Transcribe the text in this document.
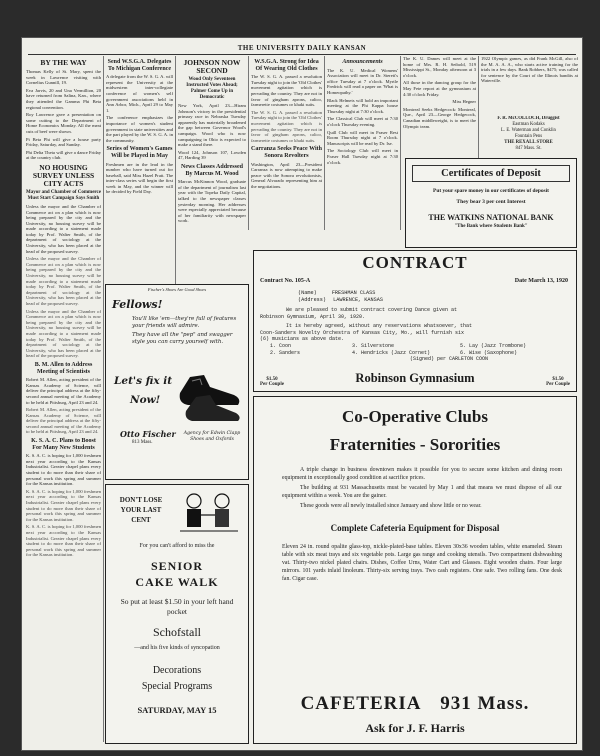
THE UNIVERSITY DAILY KANSAN
BY THE WAY

Thomas Kelly of St. Mary, spent the week in Lawrence visiting with Cornelius Gunnill, 19.

Eva Jarvis, 20 and Una Vermillion, 20 have returned from Salina, Kan., where they attended the Gamma Phi Beta regional convention.

Roy Lawrence gave a presentation on some cutting to the Department of Home Economics Monday. All the meat cuts of beef were shown.

Pi Beta Phi will give a house party Friday, Saturday, and Sunday.

Phi Delta Theta will give a dance Friday at the country club.

NO HOUSING SURVEY UNLESS CITY ACTS
Mayor and Chamber of Commerce Must Start Campaign Says Smith

Unless the mayor and the Chamber of Commerce act on a plan which is now being prepared by the city and the University, no housing survey will be made according to a statement made today by Prof. Walter Smith, of the department of sociology at the University, who has been placed at the head of the proposed survey.

Unless the mayor and the Chamber of Commerce act on a plan which is now being prepared by the city and the University, no housing survey will be made according to a statement made today by Prof. Walter Smith, of the department of sociology at the University, who has been placed at the head of the proposed survey.

Unless the mayor and the Chamber of Commerce act on a plan which is now being prepared by the city and the University, no housing survey will be made according to a statement made today by Prof. Walter Smith, of the department of sociology at the University, who has been placed at the head of the proposed survey.

B. M. Allen to Address Meeting of Scientists

Robert M. Allen, acting president of the Kansas Academy of Science, will deliver the principal address at the fifty-second annual meeting of the Academy to be held at Pittsburg, April 23 and 24.

Robert M. Allen, acting president of the Kansas Academy of Science, will deliver the principal address at the fifty-second annual meeting of the Academy to be held at Pittsburg, April 23 and 24.

K. S. A. C. Plans to Boost For Many New Students

K. S. A. C. is hoping for 1,000 freshmen next year according to the Kansas Industrialist. Greater chapel plans every student to do more than their share of personal work this spring and summer for the Kansas institution.

K. S. A. C. is hoping for 1,000 freshmen next year according to the Kansas Industrialist. Greater chapel plans every student to do more than their share of personal work this spring and summer for the Kansas institution.

K. S. A. C. is hoping for 1,000 freshmen next year according to the Kansas Industrialist. Greater chapel plans every student to do more than their share of personal work this spring and summer for the Kansas institution.

Send W.S.G.A. Delegates To Michigan Conference

A delegate from the W. S. G. A. will represent the University at the midwestern inter-collegiate conference of women's self government associations held in Ann Arbor, Mich., April 29 to May 1.

The conference emphasizes the importance of women's student government in state universities and the part played by the W. S. G. A. in the community.

Series of Women's Games Will be Played in May

Freshmen are in the lead in the number who have turned out for baseball, said Miss Hazel Pratt. The inter-class series will begin the first week in May, and the winner will be decided by Field Day.

JOHNSON NOW SECOND
Wood Only Seventeen Instructed Votes Ahead; Palmer Come Up in Democratic

New York, April 23—Hiram Johnson's victory in the presidential primary race in Nebraska Tuesday apparently has materially broadened the gap between Governor Wood's campaign. Wood who is now campaigning in Ohio is expected to make a stand there.

Wood 124, Johnson 107, Lowden 47, Harding 39

News Classes Addressed By Marcus M. Wood

Marcus McKinnon Wood, graduate of the department of journalism last year with the Topeka Daily Capital, talked to the newspaper classes yesterday morning. Her addresses were especially appreciated because of her familiarity with newspaper work.

W.S.G.A. Strong for Idea Of Wearing Old Clothes

The W. S. G. A. passed a resolution Tuesday night to join the 'Old Clothes' movement agitation which is pervading the country. They are not in favor of gingham aprons, calico, farmerette costumes or khaki suits.

The W. S. G. A. passed a resolution Tuesday night to join the 'Old Clothes' movement agitation which is pervading the country. They are not in favor of gingham aprons, calico, farmerette costumes or khaki suits.

Carranza Seeks Peace With Sonora Revolters

Washington, April 23—President Carranza is now attempting to make peace with the Sonora revolutionists, General Alvarado representing him at the negotiations.

Announcements

The K. U. Medical Womens' Association will meet in Dr. Sterett's office Tuesday at 7 o'clock. Myrtle Fredrick will read a paper on 'What is Homeopathy.'

Black Helmets will hold an important meeting at the Phi Kappa house Thursday night at 7:30 o'clock.

The Classical Club will meet at 7:30 o'clock Thursday evening.

Quill Club will meet in Fraser Rest Room Thursday night at 7 o'clock. Manuscripts will be read by Dr. Ise.

The Sociology Club will meet in Fraser Hall Tuesday night at 7:30 o'clock.

The K. U. Dames will meet at the home of Mrs. R. H. Seibold, 519 Mississippi St., Monday afternoon at 3 o'clock.

All those in the dancing group for the May Fete report at the gymnasium at 4:30 o'clock Friday.

Miss Hegner

Montreal Seeks Hedgecock: Montreal, Que., April 23—George Hedgecock, Canadian middleweight, is to meet the Olympic team.

1922 Olympic games, as did Frank McGill, also of the M. A. A. A., who starts active training for the trials in a few days. Bank Robbers, $475; was called for sentence by the Court of the Illinois bandits at Waterville.

F. R. McCOLLOCH, Druggist
Eastman Kodaks
L. E. Waterman and Conklin
Fountain Pens
THE REXALL STORE
847 Mass. St.
Certificates of Deposit
Put your spare money in our certificates of deposit
They bear 3 per cent Interest
THE WATKINS NATIONAL BANK
"The Bank where Students Bank"
CONTRACT
Contract No. 105-A	Date March 13, 1920
(Name)	FRESHMAN CLASS
(Address) LAWRENCE, KANSAS
We are pleased to submit contract covering Dance given at
Robinson Gymnasium, April 30, 1920.
It is hereby agreed, without any reservations whatsoever, that
Coon-Sanders Novelty Orchestra of Kansas City, Mo., will furnish six
(6) musicians as above date.
1. Coon	3. Silverstone	5. Lay (Jazz Trombone)
2. Sanders	4. Hendricks (Jazz Cornet)	6. Wise (Saxophone)
(Signed) per CARLETON COON
$1.50
Per Couple	Robinson Gymnasium	$1.50
Per Couple
Fischer's Shoes Are Good Shoes
Fellows!
You'll like 'em—they're full of features your friends will admire.
They have all the "pep" and swagger style you can carry yourself with.
Let's fix it
Now!
Otto Fischer
813 Mass.
Agency for Edwin Clapp Shoes and Oxfords
DON'T LOSE
YOUR LAST
CENT
For you can't afford to miss the
SENIOR
CAKE WALK
So put at least $1.50 in your left hand pocket
Schofstall
—and his five kinds of syncopation
Decorations
Special Programs
SATURDAY, MAY 15
Co-Operative Clubs
Fraternities - Sororities
A triple change in business downtown makes it possible for you to secure some kitchen and dining room equipment in exceptionally good condition at sacrifice prices.
The building at 931 Massachusetts must be vacated by May 1 and that means we must dispose of all our equipment within a week. You are the gainer.
These goods were all newly installed since January and show little or no wear.
Complete Cafeteria Equipment for Disposal
Eleven 24 in. round opalite glass-top, nickle-plated-base tables. Eleven 30x36 wooden tables, white enameled. Steam table with six meat trays and six vegetable pots. Large gas range and cooking utensils. Two compartment dishwashing vat. Thirty-two nickel plated chairs. Dishes, Coffee Urns, Water Cart and Glasses. Eight wooden chairs. Four large mirrors. 101 yards inlaid linoleum. Thirty-six serving trays. Two cash registers. One safe. Two rolling fans. One desk fan. Cigar case.
CAFETERIA 931 Mass.
Ask for J. F. Harris
